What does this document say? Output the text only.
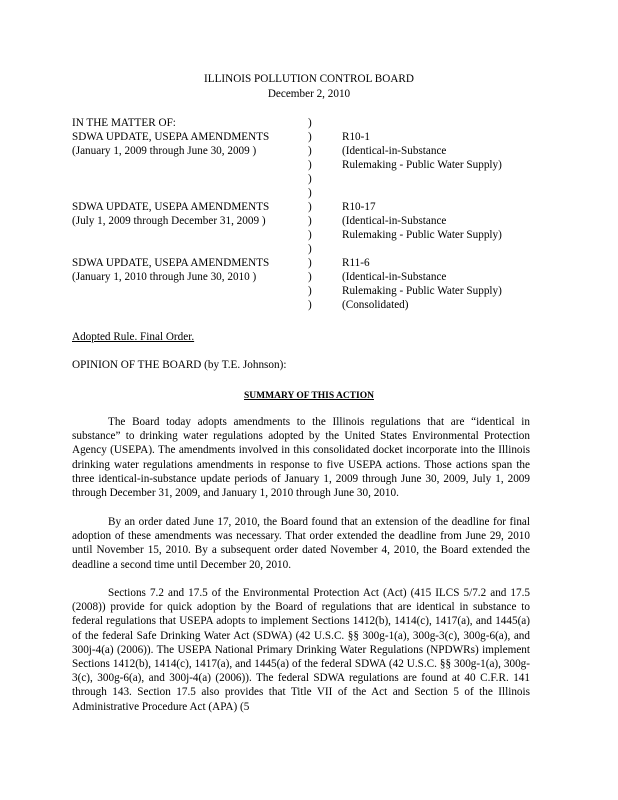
ILLINOIS POLLUTION CONTROL BOARD
December 2, 2010
IN THE MATTER OF:	)
)
)
)
)
)
)
)
)
)
)
)
)
)
SDWA UPDATE, USEPA AMENDMENTS
(January 1, 2009 through June 30, 2009 )
R10-1
(Identical-in-Substance
Rulemaking - Public Water Supply)
SDWA UPDATE, USEPA AMENDMENTS
(July 1, 2009 through December 31, 2009 )
R10-17
(Identical-in-Substance
Rulemaking - Public Water Supply)
SDWA UPDATE, USEPA AMENDMENTS
(January 1, 2010 through June 30, 2010 )
R11-6
(Identical-in-Substance
Rulemaking - Public Water Supply)
(Consolidated)
Adopted Rule. Final Order.
OPINION OF THE BOARD (by T.E. Johnson):
SUMMARY OF THIS ACTION

The Board today adopts amendments to the Illinois regulations that are “identical in substance” to drinking water regulations adopted by the United States Environmental Protection Agency (USEPA). The amendments involved in this consolidated docket incorporate into the Illinois drinking water regulations amendments in response to five USEPA actions. Those actions span the three identical-in-substance update periods of January 1, 2009 through June 30, 2009, July 1, 2009 through December 31, 2009, and January 1, 2010 through June 30, 2010.

By an order dated June 17, 2010, the Board found that an extension of the deadline for final adoption of these amendments was necessary. That order extended the deadline from June 29, 2010 until November 15, 2010. By a subsequent order dated November 4, 2010, the Board extended the deadline a second time until December 20, 2010.

Sections 7.2 and 17.5 of the Environmental Protection Act (Act) (415 ILCS 5/7.2 and 17.5 (2008)) provide for quick adoption by the Board of regulations that are identical in substance to federal regulations that USEPA adopts to implement Sections 1412(b), 1414(c), 1417(a), and 1445(a) of the federal Safe Drinking Water Act (SDWA) (42 U.S.C. §§ 300g-1(a), 300g-3(c), 300g-6(a), and 300j-4(a) (2006)). The USEPA National Primary Drinking Water Regulations (NPDWRs) implement Sections 1412(b), 1414(c), 1417(a), and 1445(a) of the federal SDWA (42 U.S.C. §§ 300g-1(a), 300g-3(c), 300g-6(a), and 300j-4(a) (2006)). The federal SDWA regulations are found at 40 C.F.R. 141 through 143. Section 17.5 also provides that Title VII of the Act and Section 5 of the Illinois Administrative Procedure Act (APA) (5
